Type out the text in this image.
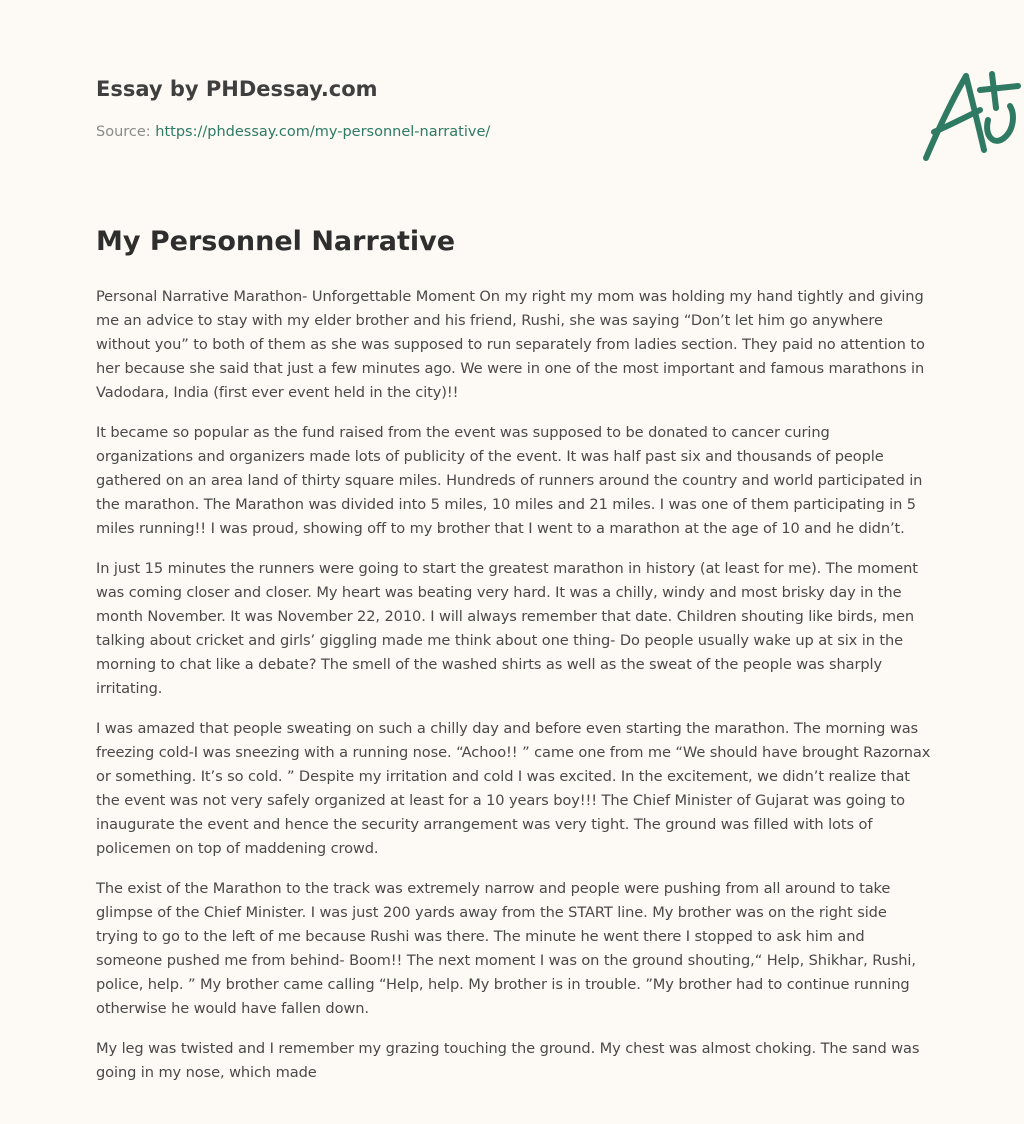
Essay by PHDessay.com
Source: https://phdessay.com/my-personnel-narrative/
My Personnel Narrative

Personal Narrative Marathon- Unforgettable Moment On my right my mom was holding my hand tightly and giving me an advice to stay with my elder brother and his friend, Rushi, she was saying “Don’t let him go anywhere without you” to both of them as she was supposed to run separately from ladies section. They paid no attention to her because she said that just a few minutes ago. We were in one of the most important and famous marathons in Vadodara, India (first ever event held in the city)!!

It became so popular as the fund raised from the event was supposed to be donated to cancer curing organizations and organizers made lots of publicity of the event. It was half past six and thousands of people gathered on an area land of thirty square miles. Hundreds of runners around the country and world participated in the marathon. The Marathon was divided into 5 miles, 10 miles and 21 miles. I was one of them participating in 5 miles running!! I was proud, showing off to my brother that I went to a marathon at the age of 10 and he didn’t.

In just 15 minutes the runners were going to start the greatest marathon in history (at least for me). The moment was coming closer and closer. My heart was beating very hard. It was a chilly, windy and most brisky day in the month November. It was November 22, 2010. I will always remember that date. Children shouting like birds, men talking about cricket and girls’ giggling made me think about one thing- Do people usually wake up at six in the morning to chat like a debate? The smell of the washed shirts as well as the sweat of the people was sharply irritating.

I was amazed that people sweating on such a chilly day and before even starting the marathon. The morning was freezing cold-I was sneezing with a running nose. “Achoo!! ” came one from me “We should have brought Razornax or something. It’s so cold. ” Despite my irritation and cold I was excited. In the excitement, we didn’t realize that the event was not very safely organized at least for a 10 years boy!!! The Chief Minister of Gujarat was going to inaugurate the event and hence the security arrangement was very tight. The ground was filled with lots of policemen on top of maddening crowd.

The exist of the Marathon to the track was extremely narrow and people were pushing from all around to take glimpse of the Chief Minister. I was just 200 yards away from the START line. My brother was on the right side trying to go to the left of me because Rushi was there. The minute he went there I stopped to ask him and someone pushed me from behind- Boom!! The next moment I was on the ground shouting,“ Help, Shikhar, Rushi, police, help. ” My brother came calling “Help, help. My brother is in trouble. ”My brother had to continue running otherwise he would have fallen down.

My leg was twisted and I remember my grazing touching the ground. My chest was almost choking. The sand was going in my nose, which made
